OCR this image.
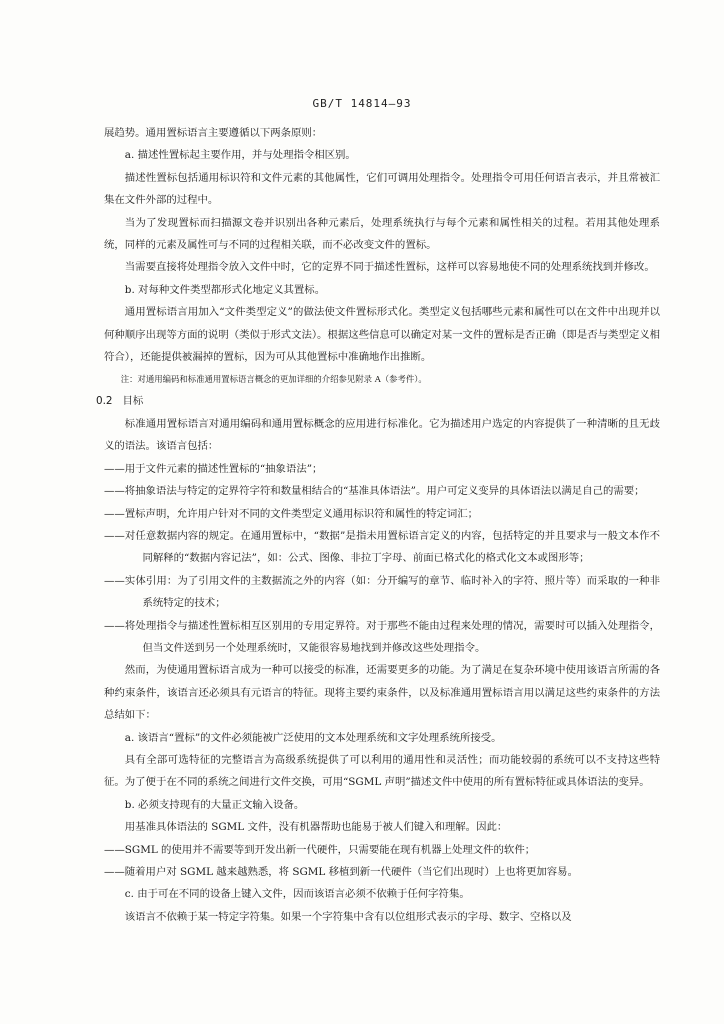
GB/T 14814—93

展趋势。通用置标语言主要遵循以下两条原则：

a. 描述性置标起主要作用，并与处理指令相区别。

描述性置标包括通用标识符和文件元素的其他属性，它们可调用处理指令。处理指令可用任何语言表示，并且常被汇集在文件外部的过程中。

当为了发现置标而扫描源文卷并识别出各种元素后，处理系统执行与每个元素和属性相关的过程。若用其他处理系统，同样的元素及属性可与不同的过程相关联，而不必改变文件的置标。

当需要直接将处理指令放入文件中时，它的定界不同于描述性置标，这样可以容易地使不同的处理系统找到并修改。

b. 对每种文件类型都形式化地定义其置标。

通用置标语言用加入“文件类型定义”的做法使文件置标形式化。类型定义包括哪些元素和属性可以在文件中出现并以何种顺序出现等方面的说明（类似于形式文法）。根据这些信息可以确定对某一文件的置标是否正确（即是否与类型定义相符合），还能提供被漏掉的置标，因为可从其他置标中准确地作出推断。

注：对通用编码和标准通用置标语言概念的更加详细的介绍参见附录 A（参考件）。

0.2 目标

标准通用置标语言对通用编码和通用置标概念的应用进行标准化。它为描述用户选定的内容提供了一种清晰的且无歧义的语法。该语言包括：

——用于文件元素的描述性置标的“抽象语法”；

——将抽象语法与特定的定界符字符和数量相结合的“基准具体语法”。用户可定义变异的具体语法以满足自己的需要；

——置标声明，允许用户针对不同的文件类型定义通用标识符和属性的特定词汇；

——对任意数据内容的规定。在通用置标中，“数据”是指未用置标语言定义的内容，包括特定的并且要求与一般文本作不同解释的“数据内容记法”，如：公式、图像、非拉丁字母、前面已格式化的格式化文本或图形等；

——实体引用：为了引用文件的主数据流之外的内容（如：分开编写的章节、临时补入的字符、照片等）而采取的一种非系统特定的技术；

——将处理指令与描述性置标相互区别用的专用定界符。对于那些不能由过程来处理的情况，需要时可以插入处理指令，但当文件送到另一个处理系统时，又能很容易地找到并修改这些处理指令。

然而，为使通用置标语言成为一种可以接受的标准，还需要更多的功能。为了满足在复杂环境中使用该语言所需的各种约束条件，该语言还必须具有元语言的特征。现将主要约束条件，以及标准通用置标语言用以满足这些约束条件的方法总结如下：

a. 该语言“置标”的文件必须能被广泛使用的文本处理系统和文字处理系统所接受。

具有全部可选特征的完整语言为高级系统提供了可以利用的通用性和灵活性；而功能较弱的系统可以不支持这些特征。为了便于在不同的系统之间进行文件交换，可用“SGML 声明”描述文件中使用的所有置标特征或具体语法的变异。

b. 必须支持现有的大量正文输入设备。

用基准具体语法的 SGML 文件，没有机器帮助也能易于被人们键入和理解。因此：

——SGML 的使用并不需要等到开发出新一代硬件，只需要能在现有机器上处理文件的软件；

——随着用户对 SGML 越来越熟悉，将 SGML 移植到新一代硬件（当它们出现时）上也将更加容易。

c. 由于可在不同的设备上键入文件，因而该语言必须不依赖于任何字符集。

该语言不依赖于某一特定字符集。如果一个字符集中含有以位组形式表示的字母、数字、空格以及
